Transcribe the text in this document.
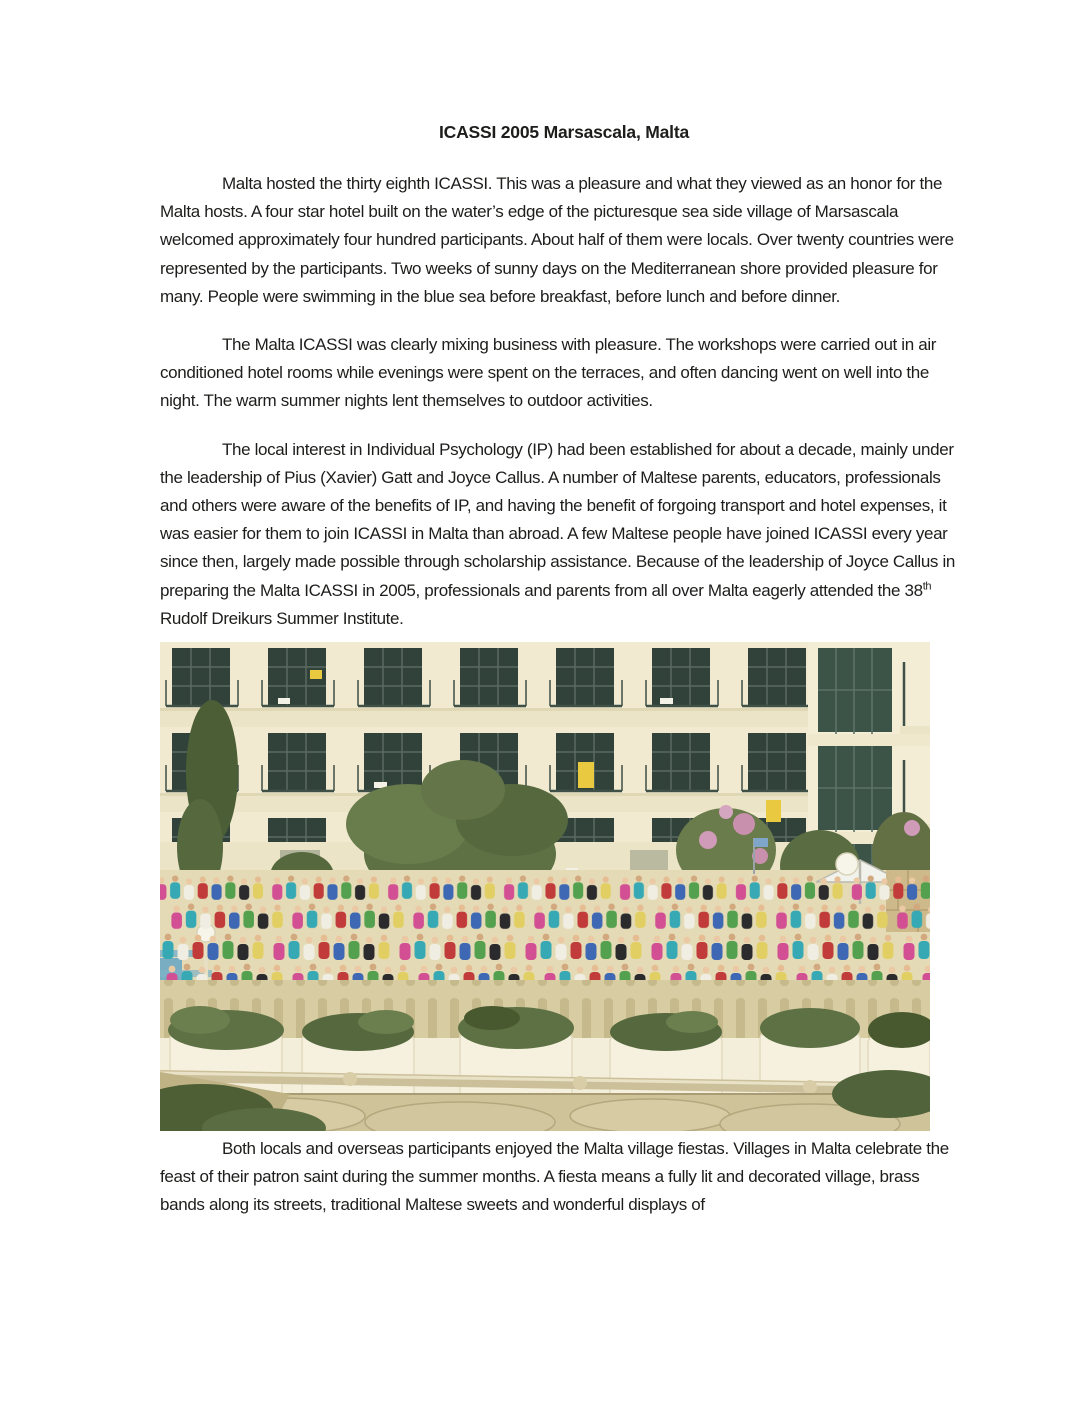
ICASSI 2005 Marsascala, Malta

Malta hosted the thirty eighth ICASSI. This was a pleasure and what they viewed as an honor for the Malta hosts. A four star hotel built on the water’s edge of the picturesque sea side village of Marsascala welcomed approximately four hundred participants. About half of them were locals. Over twenty countries were represented by the participants. Two weeks of sunny days on the Mediterranean shore provided pleasure for many. People were swimming in the blue sea before breakfast, before lunch and before dinner.

The Malta ICASSI was clearly mixing business with pleasure. The workshops were carried out in air conditioned hotel rooms while evenings were spent on the terraces, and often dancing went on well into the night. The warm summer nights lent themselves to outdoor activities.

The local interest in Individual Psychology (IP) had been established for about a decade, mainly under the leadership of Pius (Xavier) Gatt and Joyce Callus. A number of Maltese parents, educators, professionals and others were aware of the benefits of IP, and having the benefit of forgoing transport and hotel expenses, it was easier for them to join ICASSI in Malta than abroad. A few Maltese people have joined ICASSI every year since then, largely made possible through scholarship assistance. Because of the leadership of Joyce Callus in preparing the Malta ICASSI in 2005, professionals and parents from all over Malta eagerly attended the 38th Rudolf Dreikurs Summer Institute.

Both locals and overseas participants enjoyed the Malta village fiestas. Villages in Malta celebrate the feast of their patron saint during the summer months. A fiesta means a fully lit and decorated village, brass bands along its streets, traditional Maltese sweets and wonderful displays of
